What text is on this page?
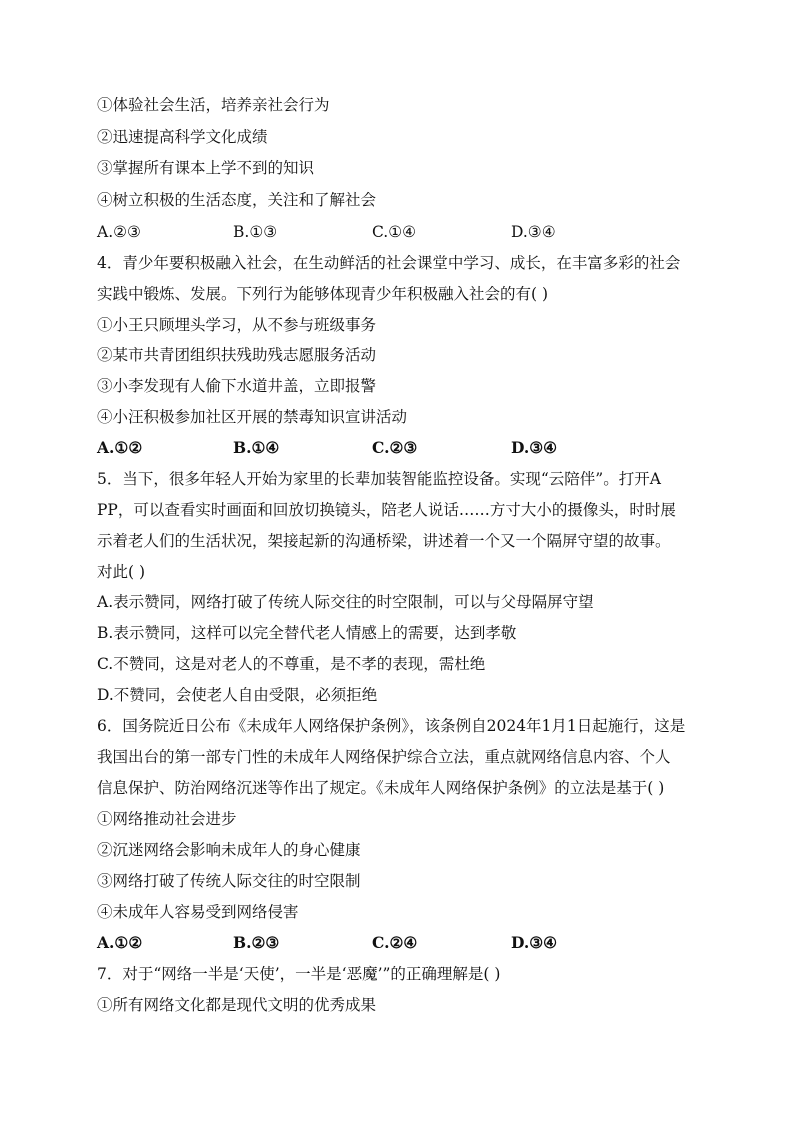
①体验社会生活，培养亲社会行为
②迅速提高科学文化成绩
③掌握所有课本上学不到的知识
④树立积极的生活态度，关注和了解社会
A.②③	B.①③	C.①④	D.③④
4．青少年要积极融入社会，在生动鲜活的社会课堂中学习、成长，在丰富多彩的社会
实践中锻炼、发展。下列行为能够体现青少年积极融入社会的有( )
①小王只顾埋头学习，从不参与班级事务
②某市共青团组织扶残助残志愿服务活动
③小李发现有人偷下水道井盖，立即报警
④小汪积极参加社区开展的禁毒知识宣讲活动
A.①②	B.①④	C.②③	D.③④
5．当下，很多年轻人开始为家里的长辈加装智能监控设备。实现“云陪伴”。打开A
PP，可以查看实时画面和回放切换镜头，陪老人说话……方寸大小的摄像头，时时展
示着老人们的生活状况，架接起新的沟通桥梁，讲述着一个又一个隔屏守望的故事。
对此( )
A.表示赞同，网络打破了传统人际交往的时空限制，可以与父母隔屏守望
B.表示赞同，这样可以完全替代老人情感上的需要，达到孝敬
C.不赞同，这是对老人的不尊重，是不孝的表现，需杜绝
D.不赞同，会使老人自由受限，必须拒绝
6．国务院近日公布《未成年人网络保护条例》，该条例自2024年1月1日起施行，这是
我国出台的第一部专门性的未成年人网络保护综合立法，重点就网络信息内容、个人
信息保护、防治网络沉迷等作出了规定。《未成年人网络保护条例》的立法是基于( )
①网络推动社会进步
②沉迷网络会影响未成年人的身心健康
③网络打破了传统人际交往的时空限制
④未成年人容易受到网络侵害
A.①②	B.②③	C.②④	D.③④
7．对于“网络一半是‘天使’，一半是‘恶魔’”的正确理解是( )
①所有网络文化都是现代文明的优秀成果
